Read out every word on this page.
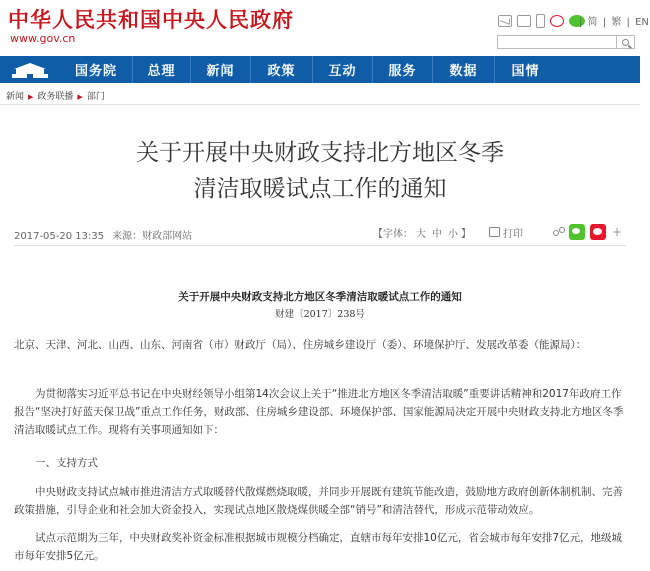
中华人民共和国中央人民政府
www.gov.cn
| 简 | 繁 | EN
国务院	总理	新闻	政策	互动	服务	数据	国情
新闻 ▶ 政务联播 ▶ 部门
关于开展中央财政支持北方地区冬季
清洁取暖试点工作的通知
2017-05-20 13:35 来源：财政部网站	【字体： 大 中 小 】	打印	+
关于开展中央财政支持北方地区冬季清洁取暖试点工作的通知
财建〔2017〕238号
北京、天津、河北、山西、山东、河南省（市）财政厅（局）、住房城乡建设厅（委）、环境保护厅、发展改革委（能源局）：
为贯彻落实习近平总书记在中央财经领导小组第14次会议上关于“推进北方地区冬季清洁取暖”重要讲话精神和2017年政府工作报告“坚决打好蓝天保卫战”重点工作任务，财政部、住房城乡建设部、环境保护部、国家能源局决定开展中央财政支持北方地区冬季清洁取暖试点工作。现将有关事项通知如下：
一、支持方式
中央财政支持试点城市推进清洁方式取暖替代散煤燃烧取暖，并同步开展既有建筑节能改造，鼓励地方政府创新体制机制、完善政策措施，引导企业和社会加大资金投入，实现试点地区散烧煤供暖全部“销号”和清洁替代，形成示范带动效应。
试点示范期为三年，中央财政奖补资金标准根据城市规模分档确定，直辖市每年安排10亿元，省会城市每年安排7亿元，地级城市每年安排5亿元。
